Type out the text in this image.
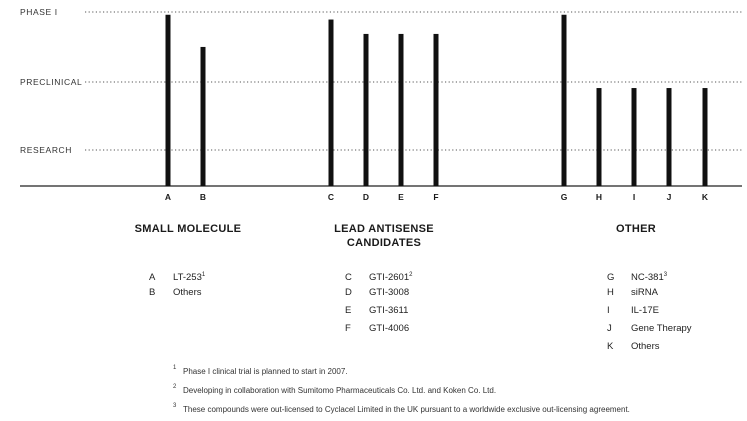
RESEARCH
PRECLINICAL
PHASE I
A	B	C	D	E	F	G	H	I	J	K
SMALL MOLECULE
A $LT-253^1$
B Others
LEAD ANTISENSE
CANDIDATES
C GTI-2601$^2$
D GTI-3008
E GTI-3611
F GTI-4006
OTHER
G $NC-381^3$
H siRNA
I IL-17E
J Gene Therapy
K Others
1 Phase I clinical trial is planned to start in 2007.
2 Developing in collaboration with Sumitomo Pharmaceuticals Co. Ltd. and Koken Co. Ltd.
3 These compounds were out-licensed to Cyclacel Limited in the UK pursuant to a worldwide exclusive out-licensing agreement.
